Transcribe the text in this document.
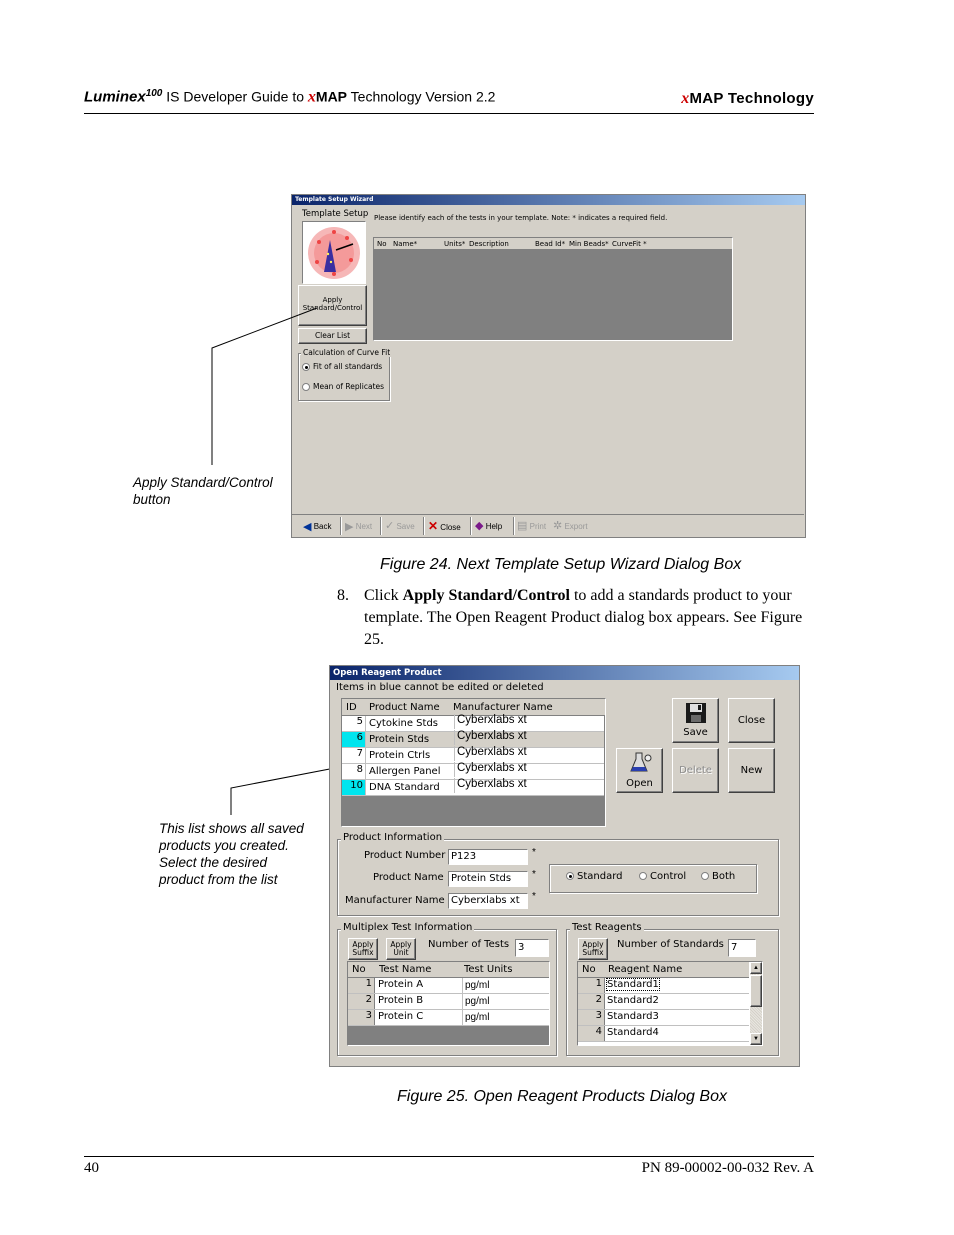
Luminex$^{100}$ IS Developer Guide to xMAP Technology Version 2.2	xMAP Technology
Template Setup Wizard
Template Setup Please identify each of the tests in your template. Note: * indicates a required field.
Apply
Standard/Control
Clear List
Calculation of Curve Fit
Fit of all standards
Mean of Replicates
No Name*	Units* Description	Bead Id* Min Beads* CurveFit *
◀ Back ▶ Next ✓ Save ✕ Close ◆ Help ▤ Print ✲ Export
Apply Standard/Control
button
Figure 24. Next Template Setup Wizard Dialog Box
8. Click Apply Standard/Control to add a standards product to your template. The Open Reagent Product dialog box appears. See Figure 25.
Open Reagent Product
Items in blue cannot be edited or deleted
ID Product Name Manufacturer Name
5 Cytokine Stds Cyberxlabs xt
6 Protein Stds Cyberxlabs xt
7 Protein Ctrls Cyberxlabs xt
8 Allergen Panel Cyberxlabs xt
10 DNA Standard Cyberxlabs xt
Save
Close
Open
Delete	New
This list shows all saved
products you created.
Select the desired
product from the list
Product Information
Product Number P123	*
Product Name Protein Stds	*
Manufacturer Name Cyberxlabs xt	*
Standard	Control	Both
Multiplex Test Information
Apply
Suffix
Apply
Unit
Number of Tests 3
No Test Name	Test Units
1 Protein A	pg/ml
2 Protein B	pg/ml
3 Protein C	pg/ml
Test Reagents
Apply
Suffix
Number of Standards 7
No Reagent Name	▲
▼
1 Standard1
2 Standard2
3 Standard3
4 Standard4
Figure 25. Open Reagent Products Dialog Box
40	PN 89-00002-00-032 Rev. A
